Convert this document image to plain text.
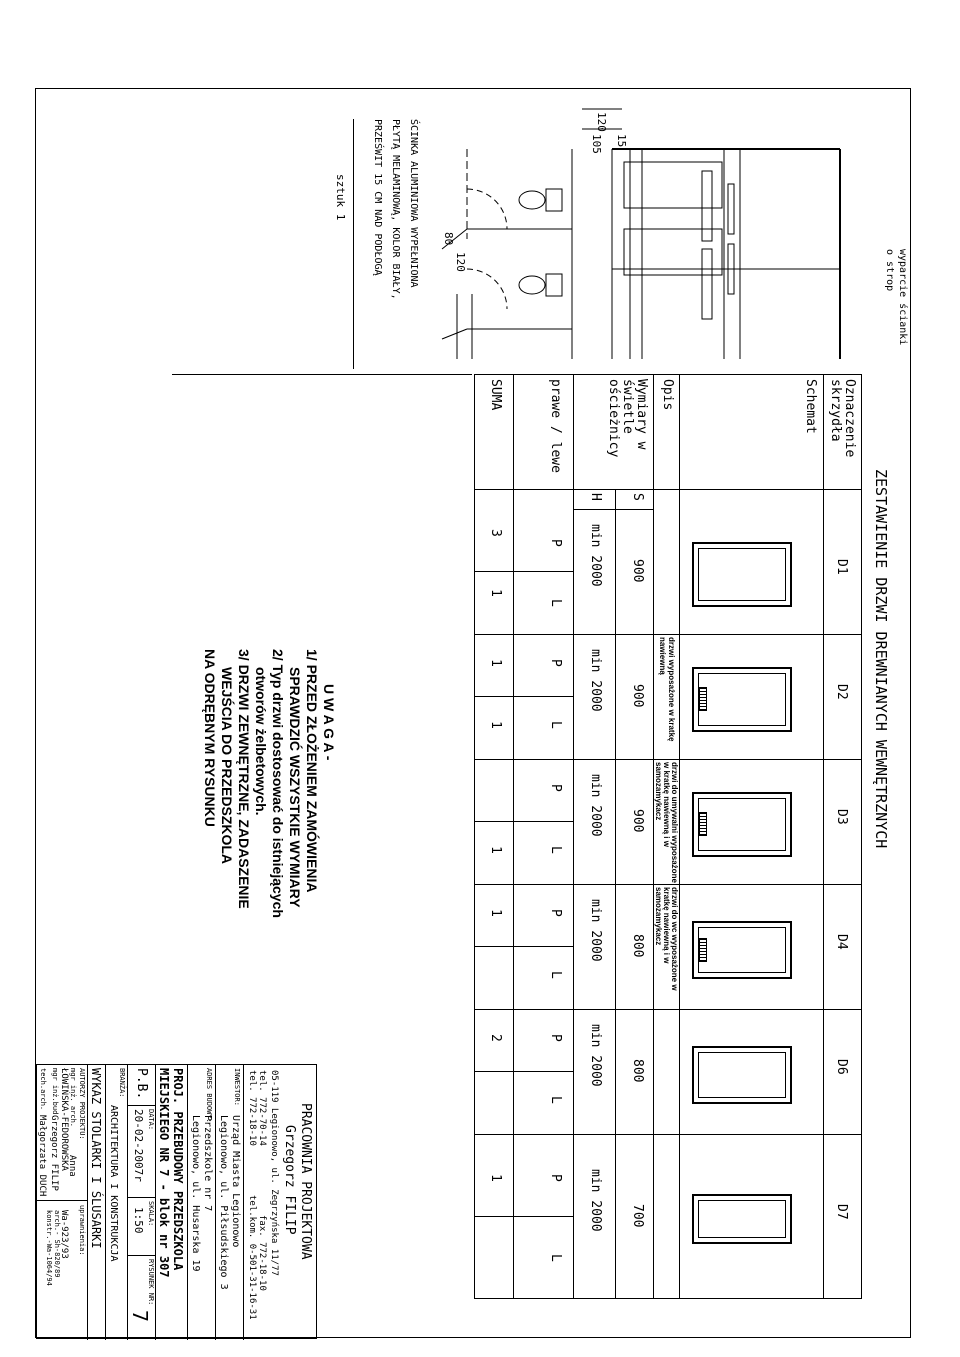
ZESTAWIENIE DRZWI DREWNIANYCH WEWNĘTRZNYCH
Oznaczenie skrzydła
Schemat
Opis
Wymiary w świetle ościeżnicy
S
H
prawe / lewe
SUMA
D1
900
min 2000
P
L
3
1
D2
drzwi wyposażone w kratkę nawiewną
900
min 2000
P
L
1
1
D3
drzwi do umywalni wyposażone w kratkę nawiewną i w samozamykacz
900
min 2000
P
L
1
D4
drzwi do wc wyposażone w kratkę nawiewną i w samozamykacz
800
min 2000
P
L
1
D6
800
min 2000
P
L
2
D7
700
min 2000
P
L
1
U W A G A -
1/ PRZED ZŁOŻENIEM ZAMÓWIENIA
SPRAWDZIĆ WSZYSTKIE WYMIARY
2/ Typ drzwi dostosować do istniejących
otworów żelbetowych.
3/ DRZWI ZEWNĘTRZNE, ZADASZENIE
WEJŚCIA DO PRZEDSZKOLA
NA ODRĘBNYM RYSUNKU
120
105 15
80
120	wyparcie ścianki
o strop
ŚCINKA ALUMINIOWA WYPEŁNIONA
PŁYTĄ MELAMINOWĄ, KOLOR BIAŁY,
PRZEŚWIT 15 CM NAD PODŁOGĄ
sztuk 1
PRACOWNIA PROJEKTOWA
Grzegorz FILIP
05-119 Legionowo, ul. Zegrzyńska 11/77
tel. 772-70-14
fax. 772-18-10
tel. 772-18-10
tel.kom. 0-501-31-16-31
INWESTOR:
Urząd Miasta Legionowo
Legionowo, ul. Piłsudskiego 3
ADRES BUDOWY:
Przedszkole nr 7
Legionowo, ul. Husarska 19
PROJ. PRZEBUDOWY PRZEDSZKOLA
MIEJSKIEGO NR 7 - blok nr 307
P.B.
DATA:
20-02-2007r
SKALA:
1:50
RYSUNEK NR:
7
BRANŻA:
ARCHITEKTURA I KONSTRUKCJA
WYKAZ STOLARKI I ŚLUSARKI
AUTORZY PROJEKTU:
uprawnienia:
mgr inż. arch.
Anna
ŁOWIŃSKA-FEDOROWSKA
Wa-923/93
mgr inż.bud.
Grzegorz FILIP
arch.- Sh-820/89
konstr.-Wa-1064/94
tech.arch.
Małgorzata DUCH
